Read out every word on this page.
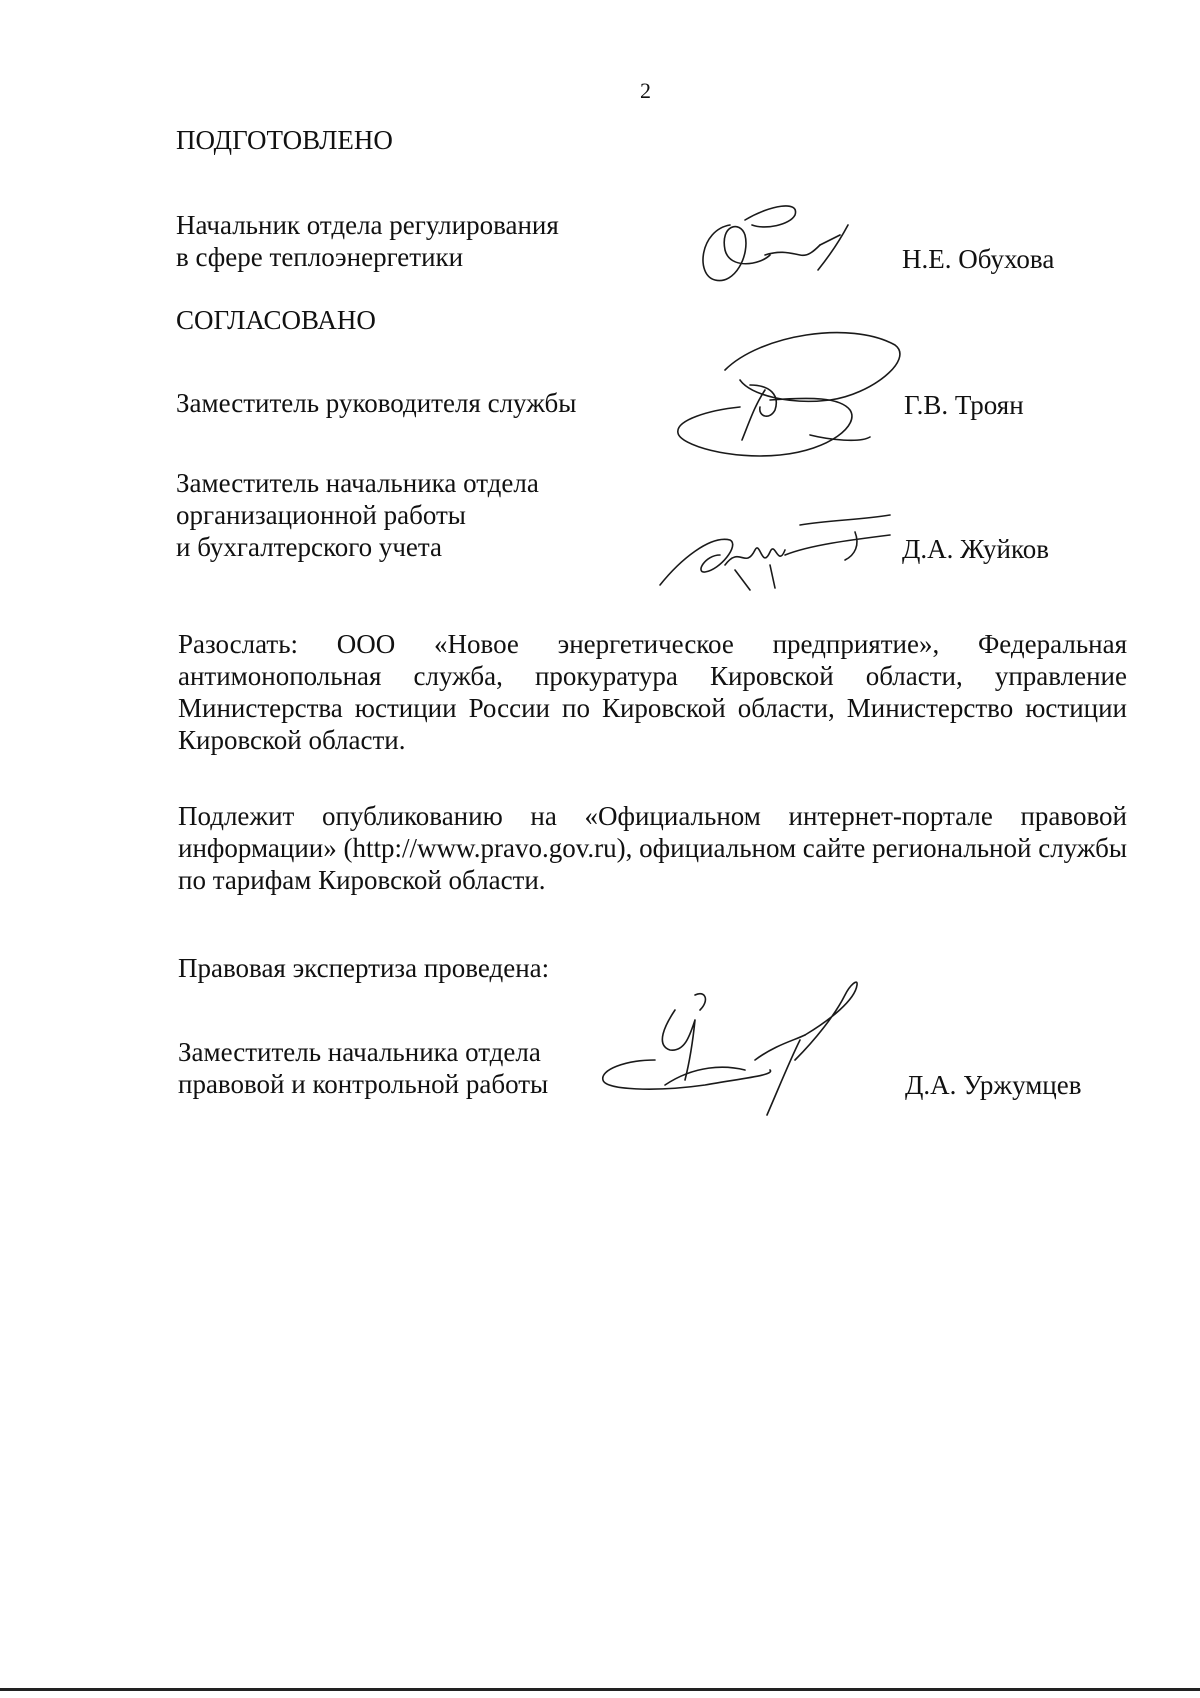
2
ПОДГОТОВЛЕНО
Начальник отдела регулирования
в сфере теплоэнергетики	Н.Е. Обухова
СОГЛАСОВАНО
Заместитель руководителя службы	Г.В. Троян
Заместитель начальника отдела
организационной работы
и бухгалтерского учета	Д.А. Жуйков
Разослать: ООО «Новое энергетическое предприятие», Федеральная антимонопольная служба, прокуратура Кировской области, управление Министерства юстиции России по Кировской области, Министерство юстиции Кировской области.
Подлежит опубликованию на «Официальном интернет-портале правовой информации» (http://www.pravo.gov.ru), официальном сайте региональной службы по тарифам Кировской области.
Правовая экспертиза проведена:
Заместитель начальника отдела
правовой и контрольной работы	Д.А. Уржумцев
